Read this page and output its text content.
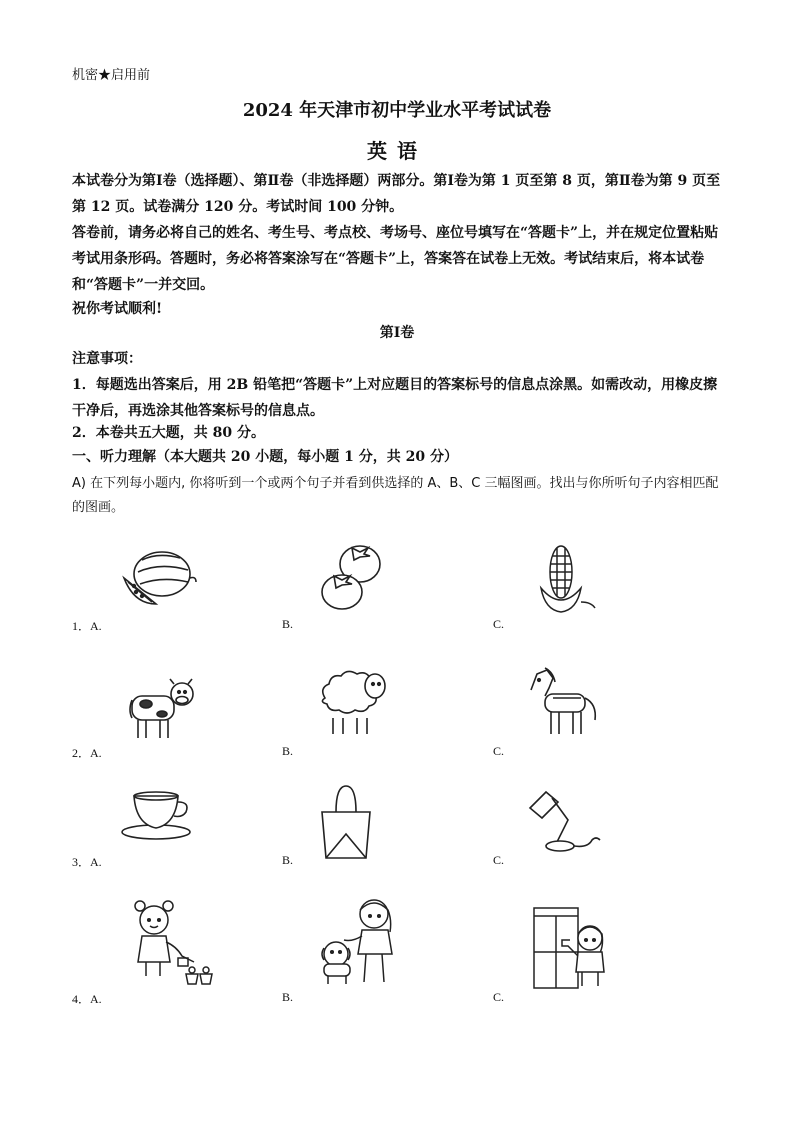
机密★启用前
2024 年天津市初中学业水平考试试卷
英语
本试卷分为第Ⅰ卷（选择题）、第Ⅱ卷（非选择题）两部分。第Ⅰ卷为第 1 页至第 8 页，第Ⅱ卷为第 9 页至第 12 页。试卷满分 120 分。考试时间 100 分钟。
答卷前，请务必将自己的姓名、考生号、考点校、考场号、座位号填写在“答题卡”上，并在规定位置粘贴考试用条形码。答题时，务必将答案涂写在“答题卡”上，答案答在试卷上无效。考试结束后，将本试卷和“答题卡”一并交回。
祝你考试顺利!
第Ⅰ卷
注意事项：
1．每题选出答案后，用 2B 铅笔把“答题卡”上对应题目的答案标号的信息点涂黑。如需改动，用橡皮擦干净后，再选涂其他答案标号的信息点。
2．本卷共五大题，共 80 分。
一、听力理解（本大题共 20 小题，每小题 1 分，共 20 分）
A) 在下列每小题内, 你将听到一个或两个句子并看到供选择的 A、B、C 三幅图画。找出与你所听句子内容相匹配的图画。
1．A.	B.	C.
2．A.	B.	C.
3．A.	B.	C.
4．A.	B.	C.
